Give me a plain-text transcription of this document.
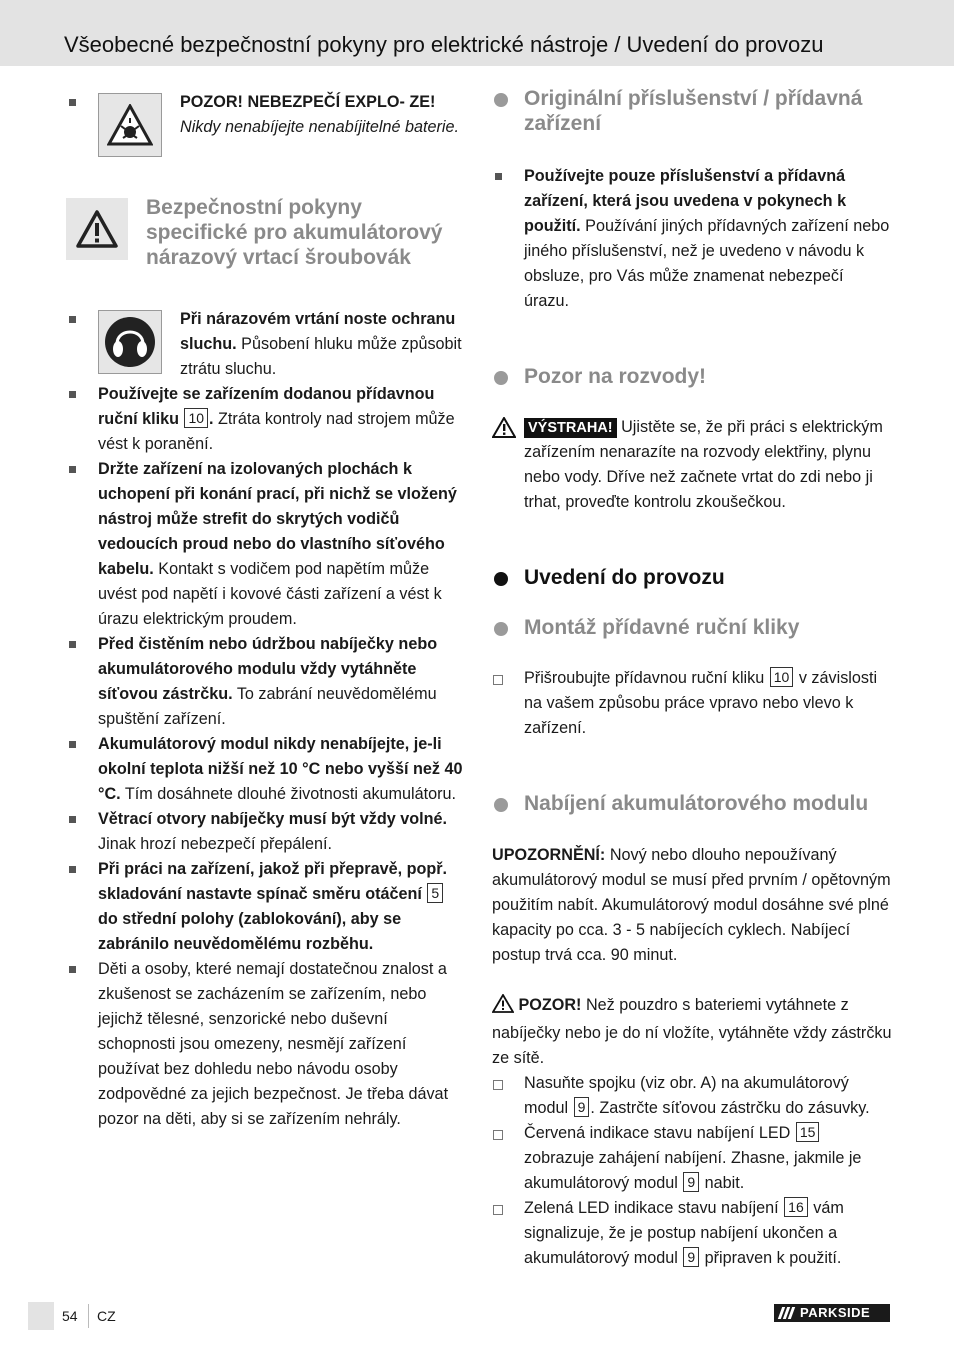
Všeobecné bezpečnostní pokyny pro elektrické nástroje / Uvedení do provozu
POZOR! NEBEZPEČÍ EXPLO- ZE! Nikdy nenabíjejte nenabíjitelné baterie.
Bezpečnostní pokyny specifické pro akumulátorový nárazový vrtací šroubovák
Při nárazovém vrtání noste ochranu sluchu. Působení hluku může způsobit ztrátu sluchu.
Používejte se zařízením dodanou přídavnou ruční kliku 10 . Ztráta kontroly nad strojem může vést k poranění.
Držte zařízení na izolovaných plochách k uchopení při konání prací, při nichž se vložený nástroj může strefit do skrytých vodičů vedoucích proud nebo do vlastního síťového kabelu. Kontakt s vodičem pod napětím může uvést pod napětí i kovové části zařízení a vést k úrazu elektrickým proudem.
Před čistěním nebo údržbou nabíječky nebo akumulátorového modulu vždy vytáhněte síťovou zástrčku. To zabrání neuvědomělému spuštění zařízení.
Akumulátorový modul nikdy nenabíjejte, je-li okolní teplota nižší než 10 °C nebo vyšší než 40 °C. Tím dosáhnete dlouhé životnosti akumulátoru.
Větrací otvory nabíječky musí být vždy volné. Jinak hrozí nebezpečí přepálení.
Při práci na zařízení, jakož při přepravě, popř. skladování nastavte spínač směru otáčení 5 do střední polohy (zablokování), aby se zabránilo neuvědomělému rozběhu.
Děti a osoby, které nemají dostatečnou znalost a zkušenost se zacházením se zařízením, nebo jejichž tělesné, senzorické nebo duševní schopnosti jsou omezeny, nesmějí zařízení používat bez dohledu nebo návodu osoby zodpovědné za jejich bezpečnost. Je třeba dávat pozor na děti, aby si se zařízením nehrály.
Originální příslušenství / přídavná zařízení
Používejte pouze příslušenství a přídavná zařízení, která jsou uvedena v pokynech k použití. Používání jiných přídavných zařízení nebo jiného příslušenství, než je uvedeno v návodu k obsluze, pro Vás může znamenat nebezpečí úrazu.
Pozor na rozvody!
VÝSTRAHA! Ujistěte se, že při práci s elektrickým zařízením nenarazíte na rozvody elektřiny, plynu nebo vody. Dříve než začnete vrtat do zdi nebo ji trhat, proveďte kontrolu zkoušečkou.
Uvedení do provozu
Montáž přídavné ruční kliky
Přišroubujte přídavnou ruční kliku 10 v závislosti na vašem způsobu práce vpravo nebo vlevo k zařízení.
Nabíjení akumulátorového modulu
UPOZORNĚNÍ: Nový nebo dlouho nepoužívaný akumulátorový modul se musí před prvním / opětovným použitím nabít. Akumulátorový modul dosáhne své plné kapacity po cca. 3 - 5 nabíjecích cyklech. Nabíjecí postup trvá cca. 90 minut.
POZOR! Než pouzdro s bateriemi vytáhnete z nabíječky nebo je do ní vložíte, vytáhněte vždy zástrčku ze sítě.
Nasuňte spojku (viz obr. A) na akumulátorový modul 9 . Zastrčte síťovou zástrčku do zásuvky.
Červená indikace stavu nabíjení LED 15 zobrazuje zahájení nabíjení. Zhasne, jakmile je akumulátorový modul 9 nabit.
Zelená LED indikace stavu nabíjení 16 vám signalizuje, že je postup nabíjení ukončen a akumulátorový modul 9 připraven k použití.
54 CZ	PARKSIDE
